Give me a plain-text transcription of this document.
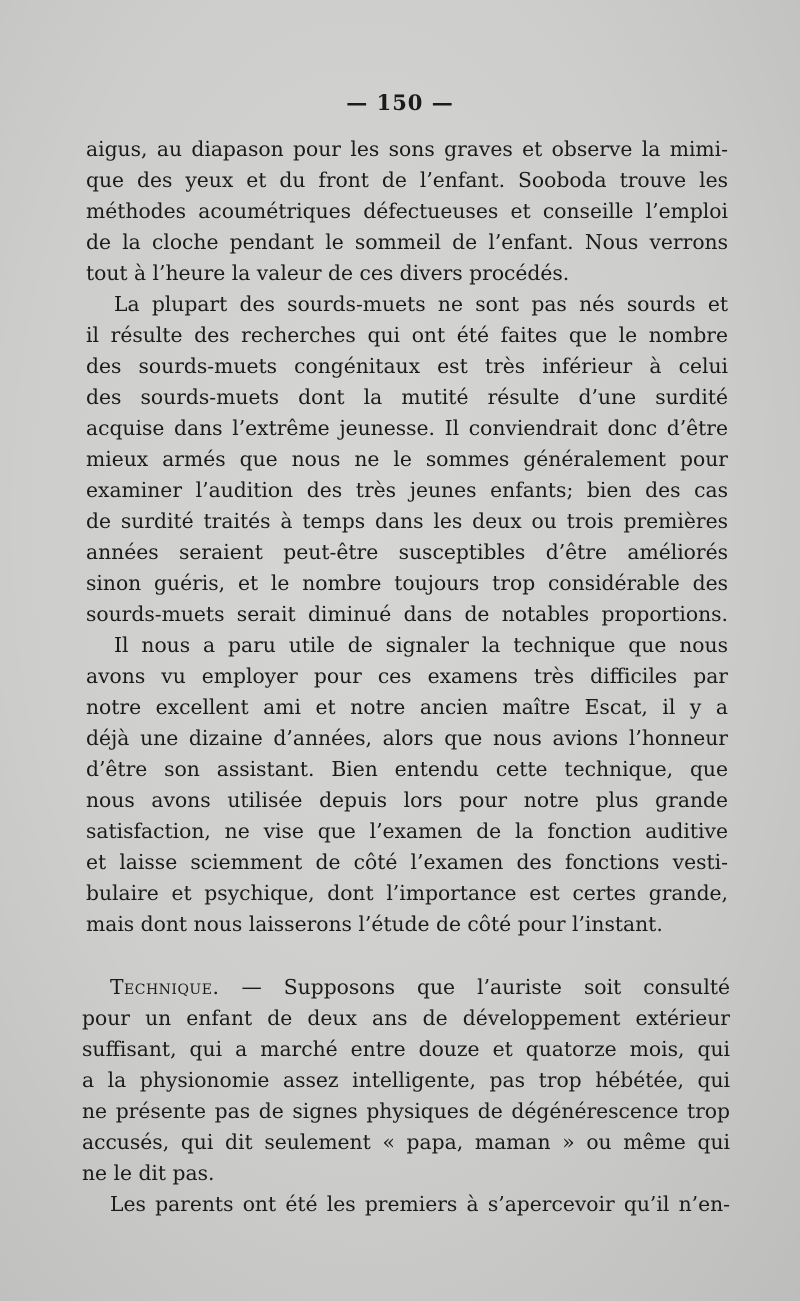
— 150 —
aigus, au diapason pour les sons graves et observe la mimi-
que des yeux et du front de l’enfant. Sooboda trouve les
méthodes acoumétriques défectueuses et conseille l’emploi
de la cloche pendant le sommeil de l’enfant. Nous verrons
tout à l’heure la valeur de ces divers procédés.
La plupart des sourds-muets ne sont pas nés sourds et
il résulte des recherches qui ont été faites que le nombre
des sourds-muets congénitaux est très inférieur à celui
des sourds-muets dont la mutité résulte d’une surdité
acquise dans l’extrême jeunesse. Il conviendrait donc d’être
mieux armés que nous ne le sommes généralement pour
examiner l’audition des très jeunes enfants; bien des cas
de surdité traités à temps dans les deux ou trois premières
années seraient peut-être susceptibles d’être améliorés
sinon guéris, et le nombre toujours trop considérable des
sourds-muets serait diminué dans de notables proportions.
Il nous a paru utile de signaler la technique que nous
avons vu employer pour ces examens très difficiles par
notre excellent ami et notre ancien maître Escat, il y a
déjà une dizaine d’années, alors que nous avions l’honneur
d’être son assistant. Bien entendu cette technique, que
nous avons utilisée depuis lors pour notre plus grande
satisfaction, ne vise que l’examen de la fonction auditive
et laisse sciemment de côté l’examen des fonctions vesti-
bulaire et psychique, dont l’importance est certes grande,
mais dont nous laisserons l’étude de côté pour l’instant.
Technique. — Supposons que l’auriste soit consulté
pour un enfant de deux ans de développement extérieur
suffisant, qui a marché entre douze et quatorze mois, qui
a la physionomie assez intelligente, pas trop hébétée, qui
ne présente pas de signes physiques de dégénérescence trop
accusés, qui dit seulement « papa, maman » ou même qui
ne le dit pas.
Les parents ont été les premiers à s’apercevoir qu’il n’en-
